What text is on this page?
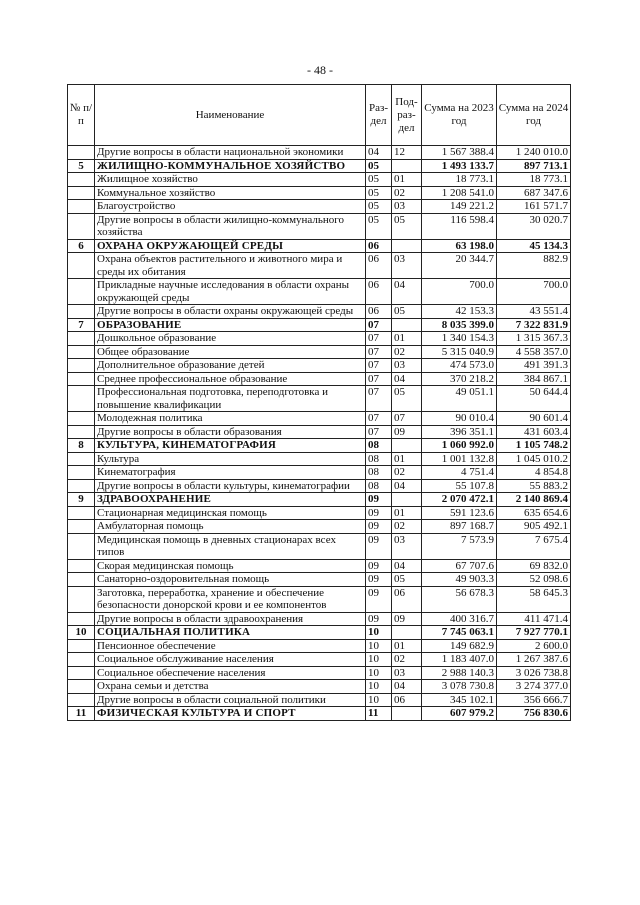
- 48 -
№ п/п	Наименование	Раз-дел	Под-раз-дел	Сумма на 2023 год	Сумма на 2024 год
	Другие вопросы в области национальной экономики	04	12	1 567 388.4	1 240 010.0
5	ЖИЛИЩНО-КОММУНАЛЬНОЕ ХОЗЯЙСТВО	05		1 493 133.7	897 713.1
	Жилищное хозяйство	05	01	18 773.1	18 773.1
	Коммунальное хозяйство	05	02	1 208 541.0	687 347.6
	Благоустройство	05	03	149 221.2	161 571.7
	Другие вопросы в области жилищно-коммунального хозяйства	05	05	116 598.4	30 020.7
6	ОХРАНА ОКРУЖАЮЩЕЙ СРЕДЫ	06		63 198.0	45 134.3
	Охрана объектов растительного и животного мира и среды их обитания	06	03	20 344.7	882.9
	Прикладные научные исследования в области охраны окружающей среды	06	04	700.0	700.0
	Другие вопросы в области охраны окружающей среды	06	05	42 153.3	43 551.4
7	ОБРАЗОВАНИЕ	07		8 035 399.0	7 322 831.9
	Дошкольное образование	07	01	1 340 154.3	1 315 367.3
	Общее образование	07	02	5 315 040.9	4 558 357.0
	Дополнительное образование детей	07	03	474 573.0	491 391.3
	Среднее профессиональное образование	07	04	370 218.2	384 867.1
	Профессиональная подготовка, переподготовка и повышение квалификации	07	05	49 051.1	50 644.4
	Молодежная политика	07	07	90 010.4	90 601.4
	Другие вопросы в области образования	07	09	396 351.1	431 603.4
8	КУЛЬТУРА, КИНЕМАТОГРАФИЯ	08		1 060 992.0	1 105 748.2
	Культура	08	01	1 001 132.8	1 045 010.2
	Кинематография	08	02	4 751.4	4 854.8
	Другие вопросы в области культуры, кинематографии	08	04	55 107.8	55 883.2
9	ЗДРАВООХРАНЕНИЕ	09		2 070 472.1	2 140 869.4
	Стационарная медицинская помощь	09	01	591 123.6	635 654.6
	Амбулаторная помощь	09	02	897 168.7	905 492.1
	Медицинская помощь в дневных стационарах всех типов	09	03	7 573.9	7 675.4
	Скорая медицинская помощь	09	04	67 707.6	69 832.0
	Санаторно-оздоровительная помощь	09	05	49 903.3	52 098.6
	Заготовка, переработка, хранение и обеспечение безопасности донорской крови и ее компонентов	09	06	56 678.3	58 645.3
	Другие вопросы в области здравоохранения	09	09	400 316.7	411 471.4
10	СОЦИАЛЬНАЯ ПОЛИТИКА	10		7 745 063.1	7 927 770.1
	Пенсионное обеспечение	10	01	149 682.9	2 600.0
	Социальное обслуживание населения	10	02	1 183 407.0	1 267 387.6
	Социальное обеспечение населения	10	03	2 988 140.3	3 026 738.8
	Охрана семьи и детства	10	04	3 078 730.8	3 274 377.0
	Другие вопросы в области социальной политики	10	06	345 102.1	356 666.7
11	ФИЗИЧЕСКАЯ КУЛЬТУРА И СПОРТ	11		607 979.2	756 830.6
